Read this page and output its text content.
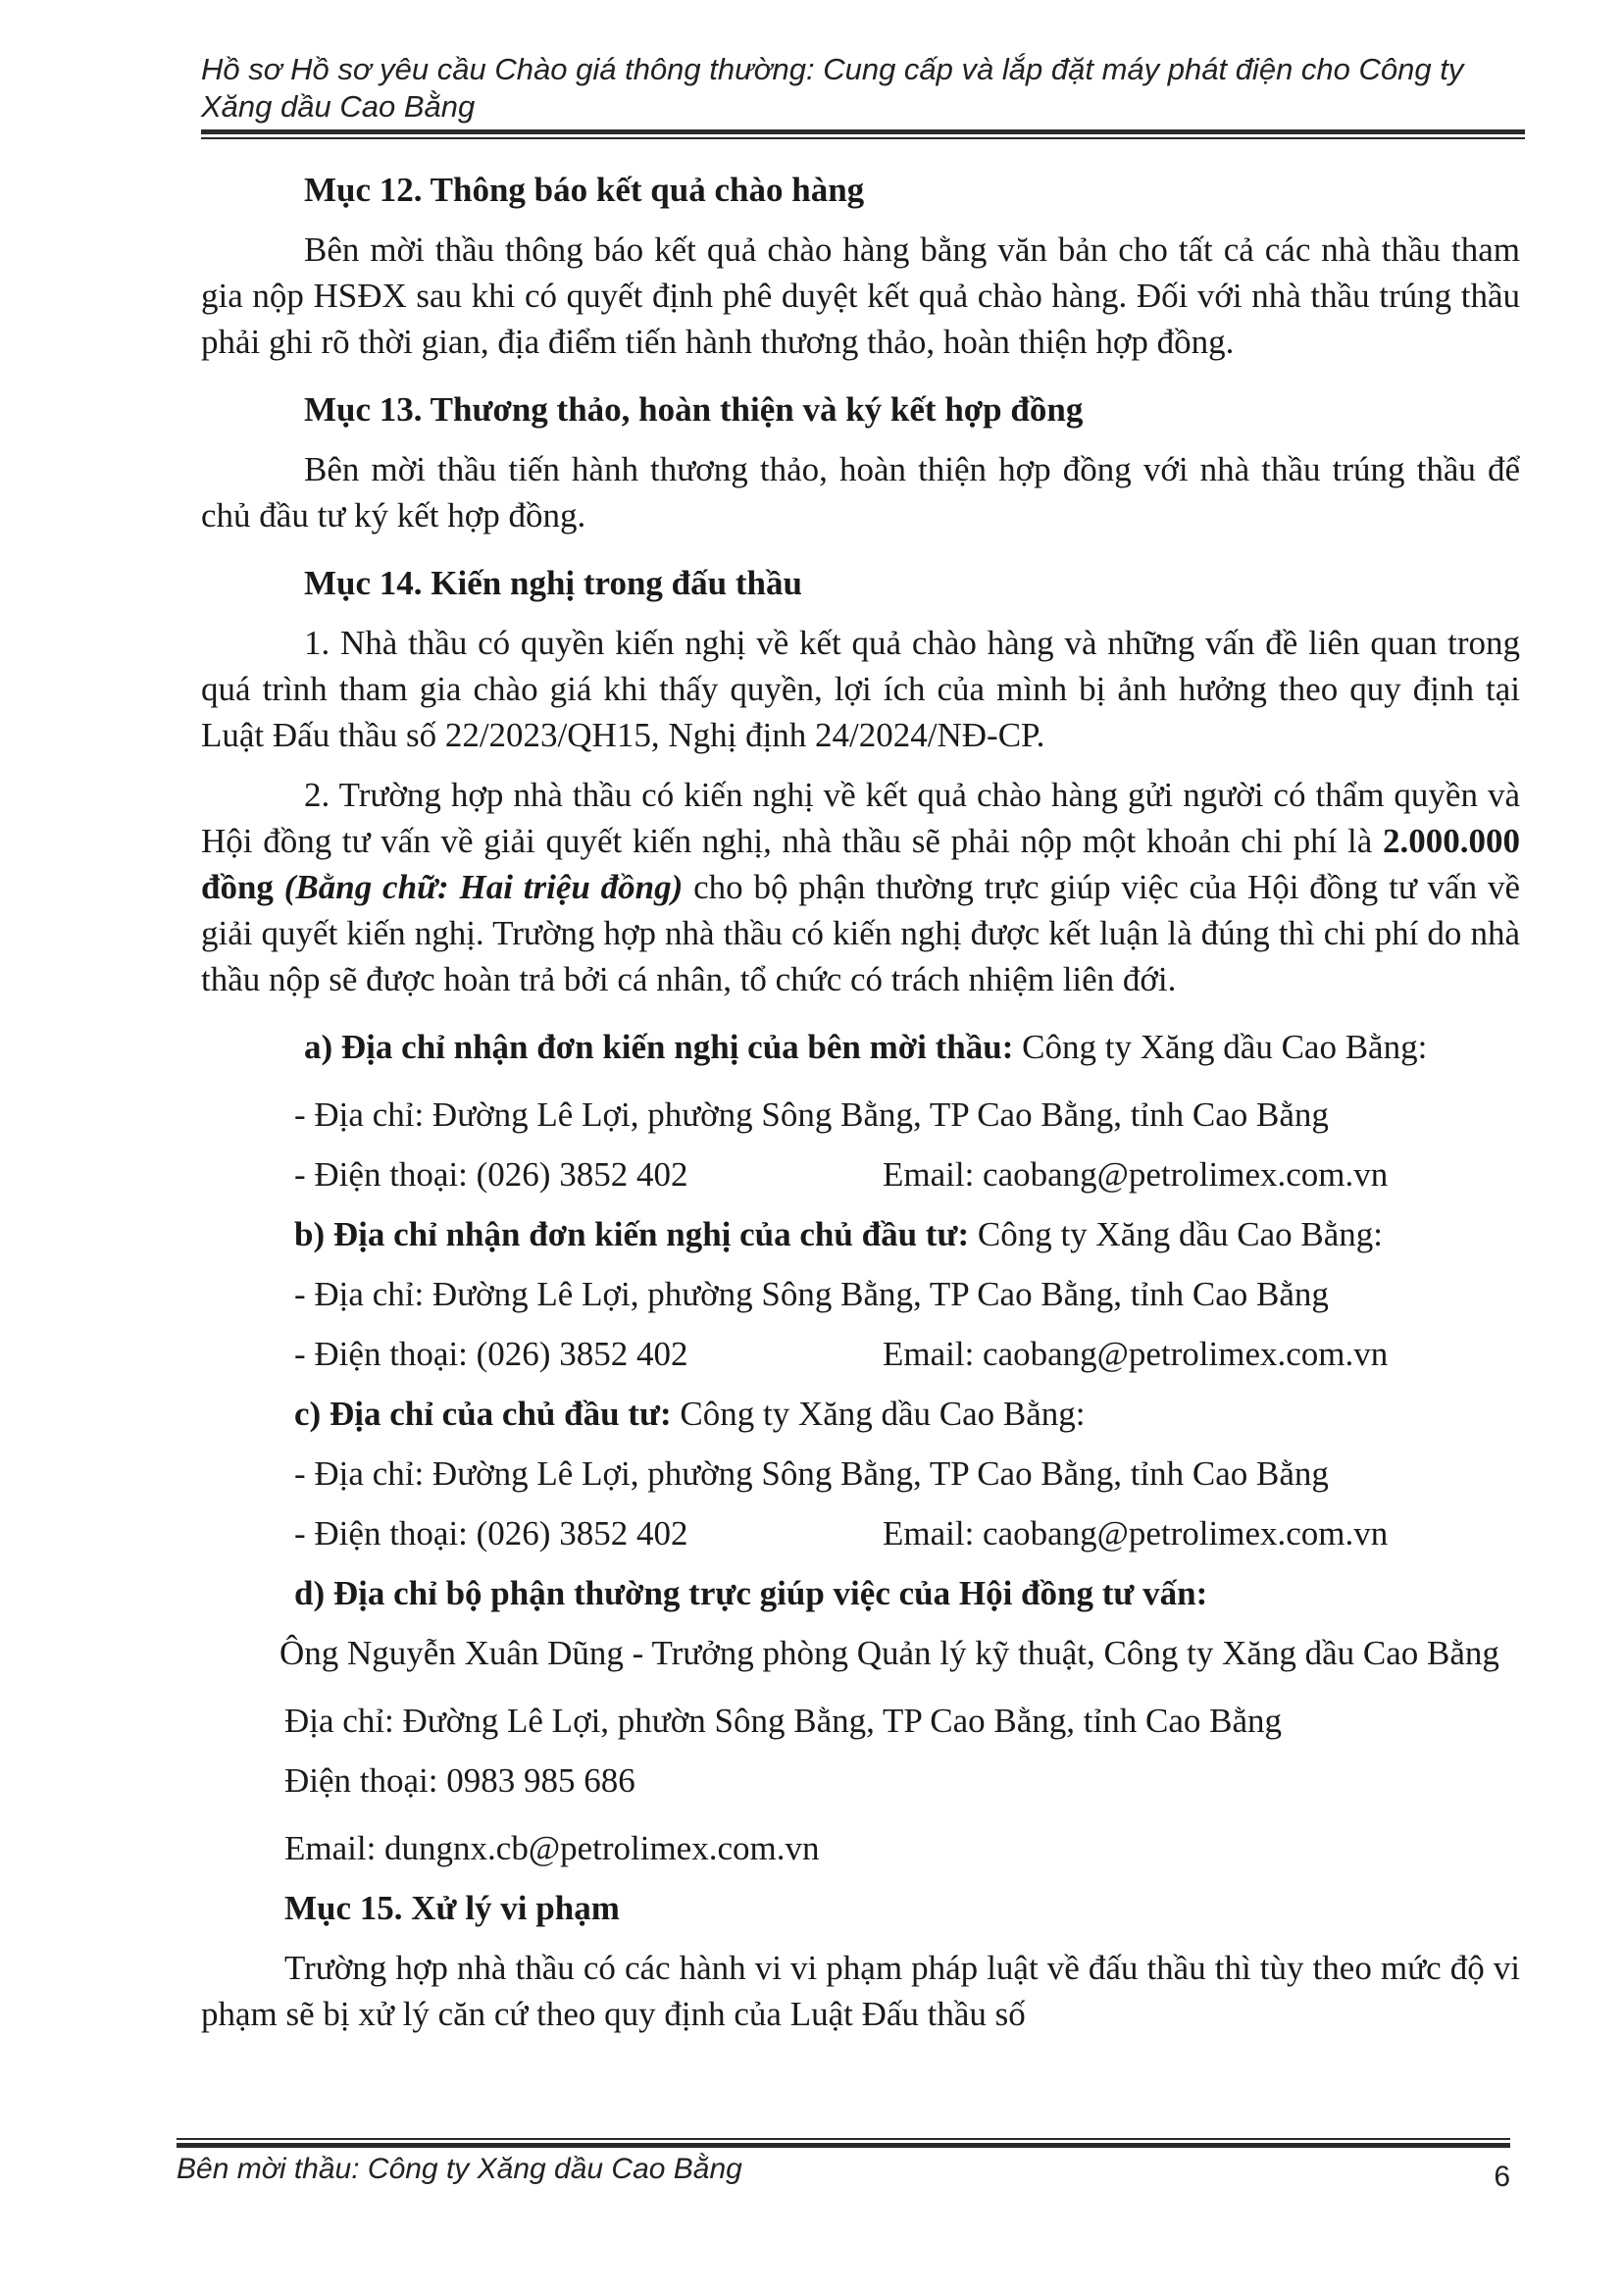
Hồ sơ Hồ sơ yêu cầu Chào giá thông thường: Cung cấp và lắp đặt máy phát điện cho Công ty
Xăng dầu Cao Bằng

Mục 12. Thông báo kết quả chào hàng

Bên mời thầu thông báo kết quả chào hàng bằng văn bản cho tất cả các nhà thầu tham gia nộp HSĐX sau khi có quyết định phê duyệt kết quả chào hàng. Đối với nhà thầu trúng thầu phải ghi rõ thời gian, địa điểm tiến hành thương thảo, hoàn thiện hợp đồng.

Mục 13. Thương thảo, hoàn thiện và ký kết hợp đồng

Bên mời thầu tiến hành thương thảo, hoàn thiện hợp đồng với nhà thầu trúng thầu để chủ đầu tư ký kết hợp đồng.

Mục 14. Kiến nghị trong đấu thầu

1. Nhà thầu có quyền kiến nghị về kết quả chào hàng và những vấn đề liên quan trong quá trình tham gia chào giá khi thấy quyền, lợi ích của mình bị ảnh hưởng theo quy định tại Luật Đấu thầu số 22/2023/QH15, Nghị định 24/2024/NĐ-CP.

2. Trường hợp nhà thầu có kiến nghị về kết quả chào hàng gửi người có thẩm quyền và Hội đồng tư vấn về giải quyết kiến nghị, nhà thầu sẽ phải nộp một khoản chi phí là 2.000.000 đồng (Bằng chữ: Hai triệu đồng) cho bộ phận thường trực giúp việc của Hội đồng tư vấn về giải quyết kiến nghị. Trường hợp nhà thầu có kiến nghị được kết luận là đúng thì chi phí do nhà thầu nộp sẽ được hoàn trả bởi cá nhân, tổ chức có trách nhiệm liên đới.

a) Địa chỉ nhận đơn kiến nghị của bên mời thầu: Công ty Xăng dầu Cao Bằng:

- Địa chỉ: Đường Lê Lợi, phường Sông Bằng, TP Cao Bằng, tỉnh Cao Bằng

- Điện thoại: (026) 3852 402	Email: caobang@petrolimex.com.vn

b) Địa chỉ nhận đơn kiến nghị của chủ đầu tư: Công ty Xăng dầu Cao Bằng:

- Địa chỉ: Đường Lê Lợi, phường Sông Bằng, TP Cao Bằng, tỉnh Cao Bằng

- Điện thoại: (026) 3852 402	Email: caobang@petrolimex.com.vn

c) Địa chỉ của chủ đầu tư: Công ty Xăng dầu Cao Bằng:

- Địa chỉ: Đường Lê Lợi, phường Sông Bằng, TP Cao Bằng, tỉnh Cao Bằng

- Điện thoại: (026) 3852 402	Email: caobang@petrolimex.com.vn

d) Địa chỉ bộ phận thường trực giúp việc của Hội đồng tư vấn:

Ông Nguyễn Xuân Dũng - Trưởng phòng Quản lý kỹ thuật, Công ty Xăng dầu Cao Bằng

Địa chỉ: Đường Lê Lợi, phườn Sông Bằng, TP Cao Bằng, tỉnh Cao Bằng

Điện thoại: 0983 985 686

Email: dungnx.cb@petrolimex.com.vn

Mục 15. Xử lý vi phạm

Trường hợp nhà thầu có các hành vi vi phạm pháp luật về đấu thầu thì tùy theo mức độ vi phạm sẽ bị xử lý căn cứ theo quy định của Luật Đấu thầu số

Bên mời thầu: Công ty Xăng dầu Cao Bằng	6
